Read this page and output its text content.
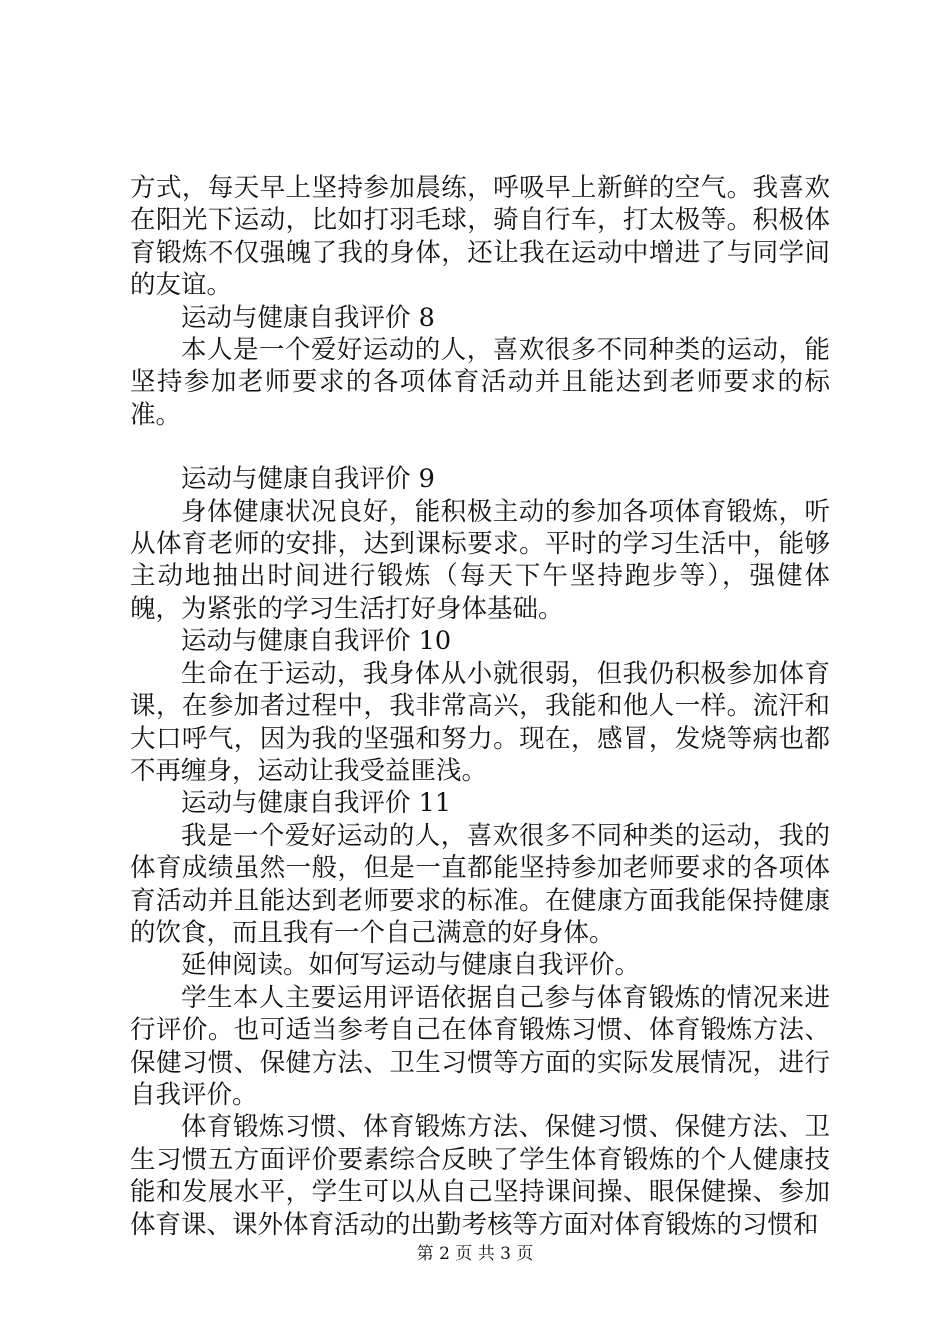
方式，每天早上坚持参加晨练，呼吸早上新鲜的空气。我喜欢在阳光下运动，比如打羽毛球，骑自行车，打太极等。积极体育锻炼不仅强魄了我的身体，还让我在运动中增进了与同学间的友谊。

运动与健康自我评价 8

本人是一个爱好运动的人，喜欢很多不同种类的运动，能坚持参加老师要求的各项体育活动并且能达到老师要求的标准。

运动与健康自我评价 9

身体健康状况良好，能积极主动的参加各项体育锻炼，听从体育老师的安排，达到课标要求。平时的学习生活中，能够主动地抽出时间进行锻炼（每天下午坚持跑步等），强健体魄，为紧张的学习生活打好身体基础。

运动与健康自我评价 10

生命在于运动，我身体从小就很弱，但我仍积极参加体育课，在参加者过程中，我非常高兴，我能和他人一样。流汗和大口呼气，因为我的坚强和努力。现在，感冒，发烧等病也都不再缠身，运动让我受益匪浅。

运动与健康自我评价 11

我是一个爱好运动的人，喜欢很多不同种类的运动，我的体育成绩虽然一般，但是一直都能坚持参加老师要求的各项体育活动并且能达到老师要求的标准。在健康方面我能保持健康的饮食，而且我有一个自己满意的好身体。

延伸阅读。如何写运动与健康自我评价。

学生本人主要运用评语依据自己参与体育锻炼的情况来进行评价。也可适当参考自己在体育锻炼习惯、体育锻炼方法、保健习惯、保健方法、卫生习惯等方面的实际发展情况，进行自我评价。

体育锻炼习惯、体育锻炼方法、保健习惯、保健方法、卫生习惯五方面评价要素综合反映了学生体育锻炼的个人健康技能和发展水平，学生可以从自己坚持课间操、眼保健操、参加体育课、课外体育活动的出勤考核等方面对体育锻炼的习惯和

第 2 页 共 3 页
